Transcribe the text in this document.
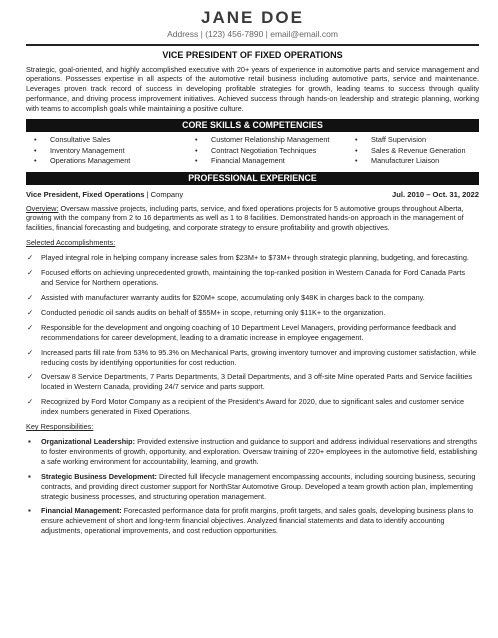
JANE DOE
Address | (123) 456-7890 | email@email.com
VICE PRESIDENT OF FIXED OPERATIONS
Strategic, goal-oriented, and highly accomplished executive with 20+ years of experience in automotive parts and service management and operations. Possesses expertise in all aspects of the automotive retail business including automotive parts, service and maintenance. Leverages proven track record of success in developing profitable strategies for growth, leading teams to success through quality performance, and driving process improvement initiatives. Achieved success through hands-on leadership and strategic planning, working with teams to accomplish goals while maintaining a positive culture.
CORE SKILLS & COMPETENCIES
• Consultative Sales
• Inventory Management
• Operations Management
• Customer Relationship Management
• Contract Negotiation Techniques
• Financial Management
• Staff Supervision
• Sales & Revenue Generation
• Manufacturer Liaison
PROFESSIONAL EXPERIENCE
Vice President, Fixed Operations | Company	Jul. 2010 – Oct. 31, 2022
Overview: Oversaw massive projects, including parts, service, and fixed operations projects for 5 automotive groups throughout Alberta, growing with the company from 2 to 16 departments as well as 1 to 8 facilities. Demonstrated hands-on approach in the management of facilities, financial forecasting and budgeting, and corporate strategy to ensure profitability and growth objectives.
Selected Accomplishments:
✓ Played integral role in helping company increase sales from $23M+ to $73M+ through strategic planning, budgeting, and forecasting.
✓ Focused efforts on achieving unprecedented growth, maintaining the top-ranked position in Western Canada for Ford Canada Parts and Service for Northern operations.
✓ Assisted with manufacturer warranty audits for $20M+ scope, accumulating only $48K in charges back to the company.
✓ Conducted periodic oil sands audits on behalf of $55M+ in scope, returning only $11K+ to the organization.
✓ Responsible for the development and ongoing coaching of 10 Department Level Managers, providing performance feedback and recommendations for career development, leading to a dramatic increase in employee engagement.
✓ Increased parts fill rate from 53% to 95.3% on Mechanical Parts, growing inventory turnover and improving customer satisfaction, while reducing costs by identifying opportunities for cost reduction.
✓ Oversaw 8 Service Departments, 7 Parts Departments, 3 Detail Departments, and 3 off-site Mine operated Parts and Service facilities located in Western Canada, providing 24/7 service and parts support.
✓ Recognized by Ford Motor Company as a recipient of the President's Award for 2020, due to significant sales and customer service index numbers generated in Fixed Operations.
Key Responsibilities:
▪ Organizational Leadership: Provided extensive instruction and guidance to support and address individual reservations and strengths to foster environments of growth, opportunity, and exploration. Oversaw training of 220+ employees in the automotive field, establishing a safe working environment for accountability, learning, and growth.
▪ Strategic Business Development: Directed full lifecycle management encompassing accounts, including sourcing business, securing contracts, and providing direct customer support for NorthStar Automotive Group. Developed a team growth action plan, implementing strategic business processes, and structuring operation management.
▪ Financial Management: Forecasted performance data for profit margins, profit targets, and sales goals, developing business plans to ensure achievement of short and long-term financial objectives. Analyzed financial statements and data to identify accounting adjustments, operational improvements, and cost reduction opportunities.
